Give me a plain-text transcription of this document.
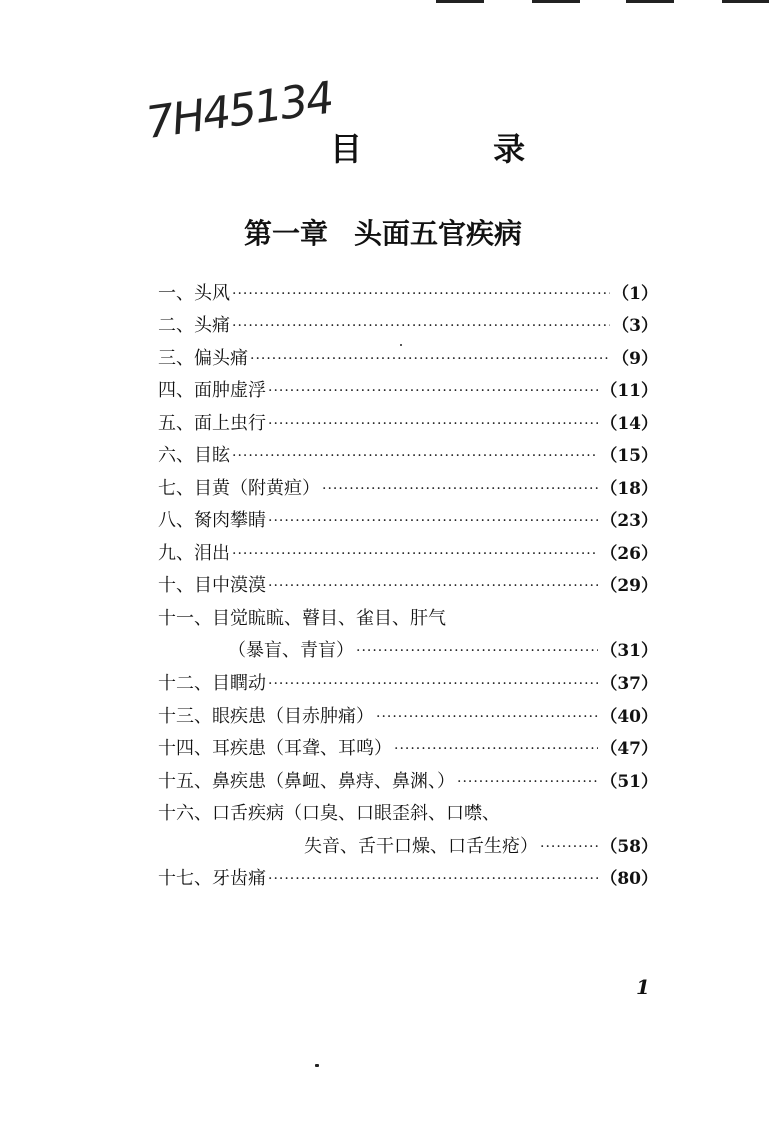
7H45134
目 录
第一章 头面五官疾病
一、头风 ·····	（1）
二、头痛 ·····	（3）
三、偏头痛 ·····	（9）
四、面肿虚浮 ·····	（11）
五、面上虫行 ·····	（14）
六、目眩 ·····	（15）
七、目黄（附黄疸） ·····	（18）
八、胬肉攀睛 ·····	（23）
九、泪出 ·····	（26）
十、目中漠漠 ·····	（29）
十一、目觉䀮䀮、瞽目、雀目、肝气
（暴盲、青盲） ·····	（31）
十二、目瞤动 ·····	（37）
十三、眼疾患（目赤肿痛） ·····	（40）
十四、耳疾患（耳聋、耳鸣） ·····	（47）
十五、鼻疾患（鼻衄、鼻痔、鼻渊、） ·····	（51）
十六、口舌疾病（口臭、口眼歪斜、口噤、
失音、舌干口燥、口舌生疮） ·····	（58）
十七、牙齿痛 ·····	（80）
1
